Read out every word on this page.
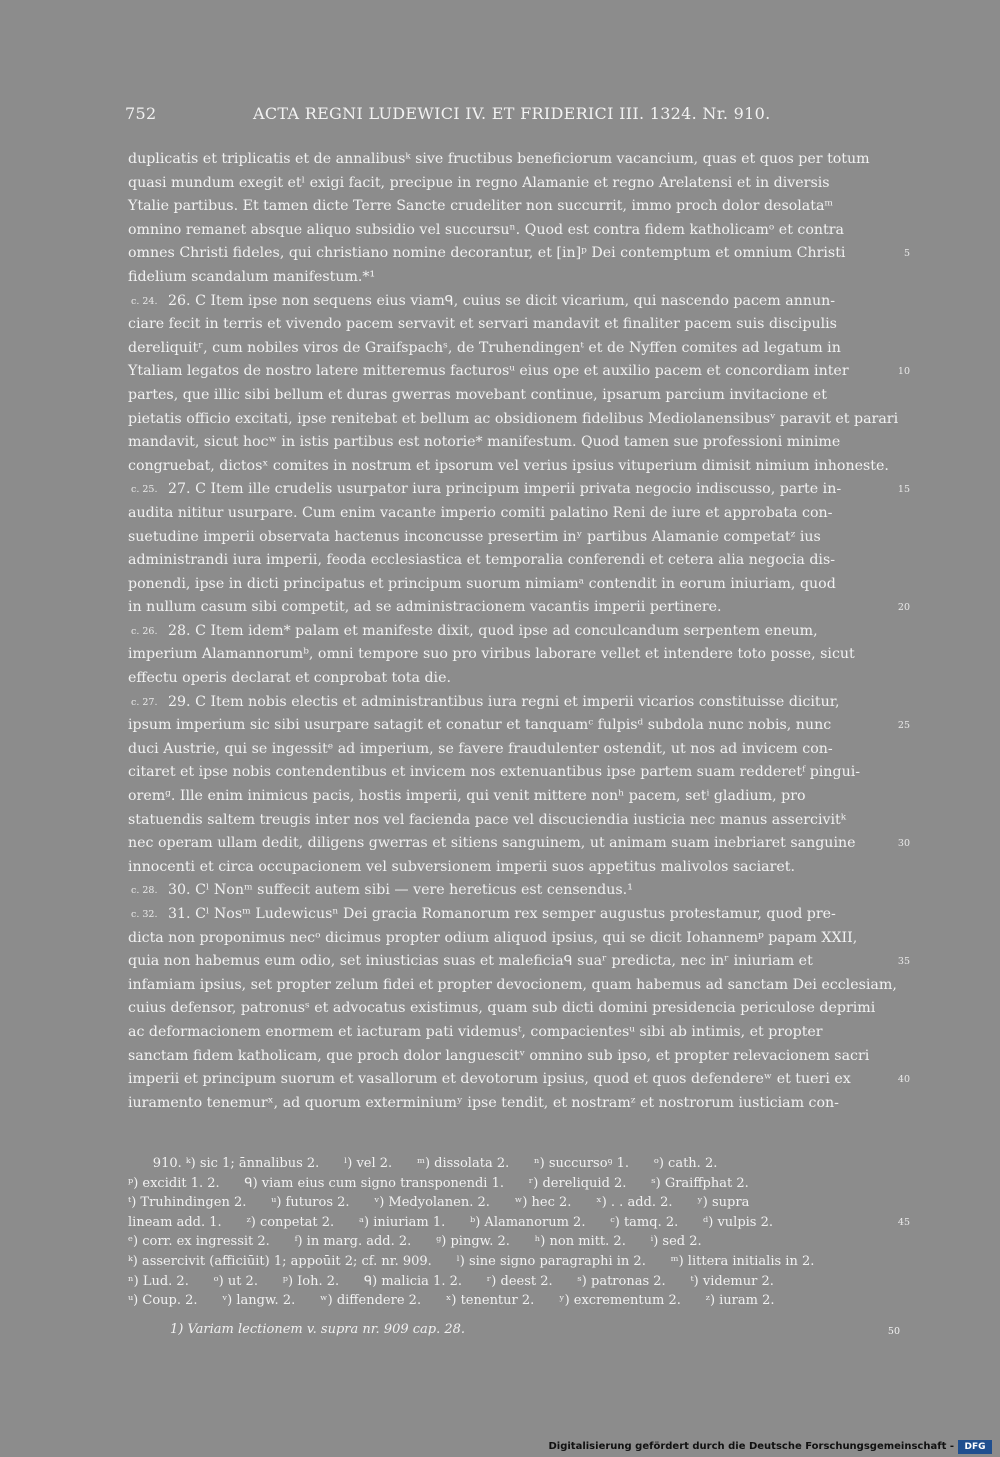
752	ACTA REGNI LUDEWICI IV. ET FRIDERICI III. 1324. Nr. 910.
duplicatis et triplicatis et de annalibusᵏ sive fructibus beneficiorum vacancium, quas et quos per totum
quasi mundum exegit etˡ exigi facit, precipue in regno Alamanie et regno Arelatensi et in diversis
Ytalie partibus. Et tamen dicte Terre Sancte crudeliter non succurrit, immo proch dolor desolataᵐ
omnino remanet absque aliquo subsidio vel succursuⁿ. Quod est contra fidem katholicamᵒ et contra
omnes Christi fideles, qui christiano nomine decorantur, et [in]ᵖ Dei contemptum et omnium Christi	5
fidelium scandalum manifestum.*¹
26. C Item ipse non sequens eius viamᑫ, cuius se dicit vicarium, qui nascendo pacem annun-
c. 24.
ciare fecit in terris et vivendo pacem servavit et servari mandavit et finaliter pacem suis discipulis
dereliquitʳ, cum nobiles viros de Graifspachˢ, de Truhendingenᵗ et de Nyffen comites ad legatum in
Ytaliam legatos de nostro latere mitteremus facturosᵘ eius ope et auxilio pacem et concordiam inter	10
partes, que illic sibi bellum et duras gwerras movebant continue, ipsarum parcium invitacione et
pietatis officio excitati, ipse renitebat et bellum ac obsidionem fidelibus Mediolanensibusᵛ paravit et parari
mandavit, sicut hocʷ in istis partibus est notorie* manifestum. Quod tamen sue professioni minime
congruebat, dictosˣ comites in nostrum et ipsorum vel verius ipsius vituperium dimisit nimium inhoneste.
27. C Item ille crudelis usurpator iura principum imperii privata negocio indiscusso, parte in-	15
c. 25.
audita nititur usurpare. Cum enim vacante imperio comiti palatino Reni de iure et approbata con-
suetudine imperii observata hactenus inconcusse presertim inʸ partibus Alamanie competatᶻ ius
administrandi iura imperii, feoda ecclesiastica et temporalia conferendi et cetera alia negocia dis-
ponendi, ipse in dicti principatus et principum suorum nimiamᵃ contendit in eorum iniuriam, quod
in nullum casum sibi competit, ad se administracionem vacantis imperii pertinere.	20
28. C Item idem* palam et manifeste dixit, quod ipse ad conculcandum serpentem eneum,
c. 26.
imperium Alamannorumᵇ, omni tempore suo pro viribus laborare vellet et intendere toto posse, sicut
effectu operis declarat et conprobat tota die.
29. C Item nobis electis et administrantibus iura regni et imperii vicarios constituisse dicitur,
c. 27.
ipsum imperium sic sibi usurpare satagit et conatur et tanquamᶜ fulpisᵈ subdola nunc nobis, nunc	25
duci Austrie, qui se ingessitᵉ ad imperium, se favere fraudulenter ostendit, ut nos ad invicem con-
citaret et ipse nobis contendentibus et invicem nos extenuantibus ipse partem suam redderetᶠ pingui-
oremᵍ. Ille enim inimicus pacis, hostis imperii, qui venit mittere nonʰ pacem, setⁱ gladium, pro
statuendis saltem treugis inter nos vel facienda pace vel discuciendia iusticia nec manus assercivitᵏ
nec operam ullam dedit, diligens gwerras et sitiens sanguinem, ut animam suam inebriaret sanguine	30
innocenti et circa occupacionem vel subversionem imperii suos appetitus malivolos saciaret.
30. Cˡ Nonᵐ suffecit autem sibi — vere hereticus est censendus.¹
c. 28.
31. Cˡ Nosᵐ Ludewicusⁿ Dei gracia Romanorum rex semper augustus protestamur, quod pre-
c. 32.
dicta non proponimus necᵒ dicimus propter odium aliquod ipsius, qui se dicit Iohannemᵖ papam XXII,
quia non habemus eum odio, set iniusticias suas et maleficiaᑫ suaʳ predicta, nec inʳ iniuriam et	35
infamiam ipsius, set propter zelum fidei et propter devocionem, quam habemus ad sanctam Dei ecclesiam,
cuius defensor, patronusˢ et advocatus existimus, quam sub dicti domini presidencia periculose deprimi
ac deformacionem enormem et iacturam pati videmusᵗ, compacientesᵘ sibi ab intimis, et propter
sanctam fidem katholicam, que proch dolor languescitᵛ omnino sub ipso, et propter relevacionem sacri
imperii et principum suorum et vasallorum et devotorum ipsius, quod et quos defendereʷ et tueri ex	40
iuramento tenemurˣ, ad quorum exterminiumʸ ipse tendit, et nostramᶻ et nostrorum iusticiam con-
910. ᵏ) sic 1; ānnalibus 2.      ˡ) vel 2.      ᵐ) dissolata 2.      ⁿ) succursoꝰ 1.      ᵒ) cath. 2.
ᵖ) excidit 1. 2.      ᑫ) viam eius cum signo transponendi 1.      ʳ) dereliquid 2.      ˢ) Graiffphat 2.
ᵗ) Truhindingen 2.      ᵘ) futuros 2.      ᵛ) Medyolanen. 2.      ʷ) hec 2.      ˣ) . . add. 2.      ʸ) supra
lineam add. 1.      ᶻ) conpetat 2.      ᵃ) iniuriam 1.      ᵇ) Alamanorum 2.      ᶜ) tamq. 2.      ᵈ) vulpis 2.	45
ᵉ) corr. ex ingressit 2.      ᶠ) in marg. add. 2.      ᵍ) pingw. 2.      ʰ) non mitt. 2.      ⁱ) sed 2.
ᵏ) assercivit (afficiūit) 1; appoūit 2; cf. nr. 909.      ˡ) sine signo paragraphi in 2.      ᵐ) littera initialis in 2.
ⁿ) Lud. 2.      ᵒ) ut 2.      ᵖ) Ioh. 2.      ᑫ) malicia 1. 2.      ʳ) deest 2.      ˢ) patronas 2.      ᵗ) videmur 2.
ᵘ) Coup. 2.      ᵛ) langw. 2.      ʷ) diffendere 2.      ˣ) tenentur 2.      ʸ) excrementum 2.      ᶻ) iuram 2.
1) Variam lectionem v. supra nr. 909 cap. 28.	50
Digitalisierung gefördert durch die Deutsche Forschungsgemeinschaft -	DFG
